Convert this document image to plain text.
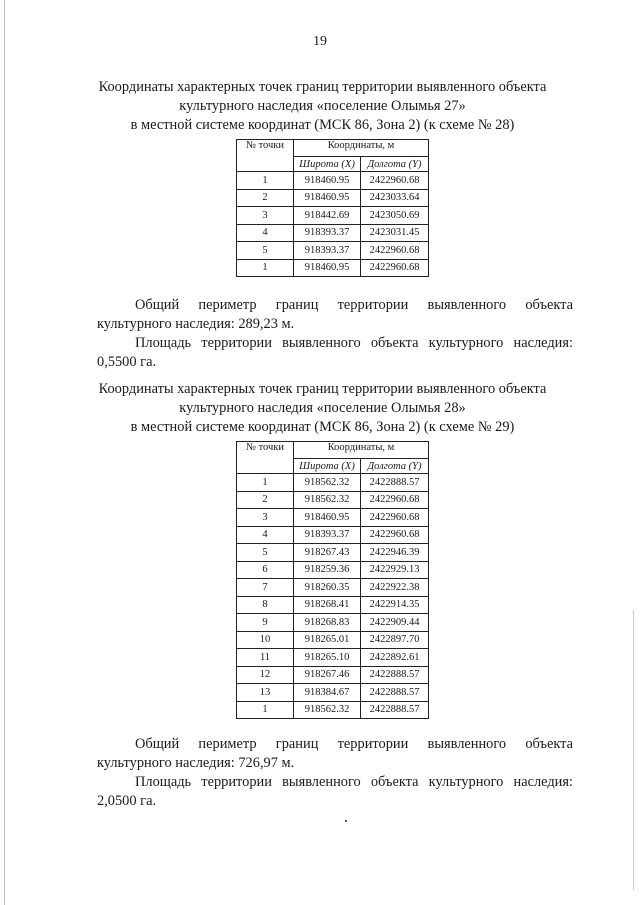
19
Координаты характерных точек границ территории выявленного объекта
культурного наследия «поселение Олымья 27»
в местной системе координат (МСК 86, Зона 2) (к схеме № 28)
№ точки	Координаты, м	
	Широта (X)	Долгота (Y)
1	918460.95	2422960.68
2	918460.95	2423033.64
3	918442.69	2423050.69
4	918393.37	2423031.45
5	918393.37	2422960.68
1	918460.95	2422960.68
Общий периметр границ территории выявленного объекта
культурного наследия: 289,23 м.
Площадь территории выявленного объекта культурного наследия:
0,5500 га.
Координаты характерных точек границ территории выявленного объекта
культурного наследия «поселение Олымья 28»
в местной системе координат (МСК 86, Зона 2) (к схеме № 29)
№ точки	Координаты, м	
	Широта (X)	Долгота (Y)
1	918562.32	2422888.57
2	918562.32	2422960.68
3	918460.95	2422960.68
4	918393.37	2422960.68
5	918267.43	2422946.39
6	918259.36	2422929.13
7	918260.35	2422922.38
8	918268.41	2422914.35
9	918268.83	2422909.44
10	918265.01	2422897.70
11	918265.10	2422892.61
12	918267.46	2422888.57
13	918384.67	2422888.57
1	918562.32	2422888.57
Общий периметр границ территории выявленного объекта
культурного наследия: 726,97 м.
Площадь территории выявленного объекта культурного наследия:
2,0500 га.
